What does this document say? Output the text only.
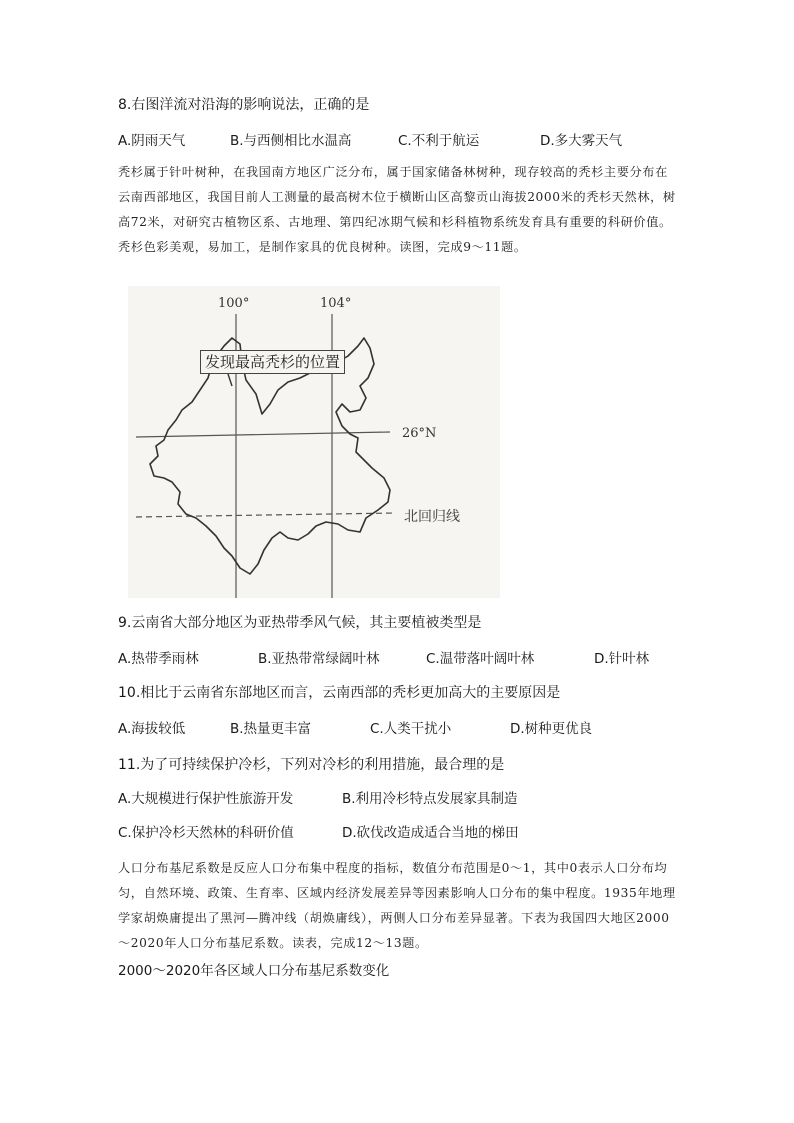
8.右图洋流对沿海的影响说法，正确的是
A.阴雨天气	B.与西侧相比水温高	C.不利于航运	D.多大雾天气
秃杉属于针叶树种，在我国南方地区广泛分布，属于国家储备林树种，现存较高的秃杉主要分布在云南西部地区，我国目前人工测量的最高树木位于横断山区高黎贡山海拔2000米的秃杉天然林，树高72米，对研究古植物区系、古地理、第四纪冰期气候和杉科植物系统发育具有重要的科研价值。秃杉色彩美观，易加工，是制作家具的优良树种。读图，完成9～11题。
100°	104°
26°N
北回归线
发现最高秃杉的位置
9.云南省大部分地区为亚热带季风气候，其主要植被类型是
A.热带季雨林	B.亚热带常绿阔叶林	C.温带落叶阔叶林	D.针叶林
10.相比于云南省东部地区而言，云南西部的秃杉更加高大的主要原因是
A.海拔较低	B.热量更丰富	C.人类干扰小	D.树种更优良
11.为了可持续保护冷杉，下列对冷杉的利用措施，最合理的是
A.大规模进行保护性旅游开发	B.利用冷杉特点发展家具制造
C.保护冷杉天然林的科研价值	D.砍伐改造成适合当地的梯田
人口分布基尼系数是反应人口分布集中程度的指标，数值分布范围是0～1，其中0表示人口分布均匀，自然环境、政策、生育率、区域内经济发展差异等因素影响人口分布的集中程度。1935年地理学家胡焕庸提出了黑河—腾冲线（胡焕庸线），两侧人口分布差异显著。下表为我国四大地区2000～2020年人口分布基尼系数。读表，完成12～13题。
2000～2020年各区域人口分布基尼系数变化
